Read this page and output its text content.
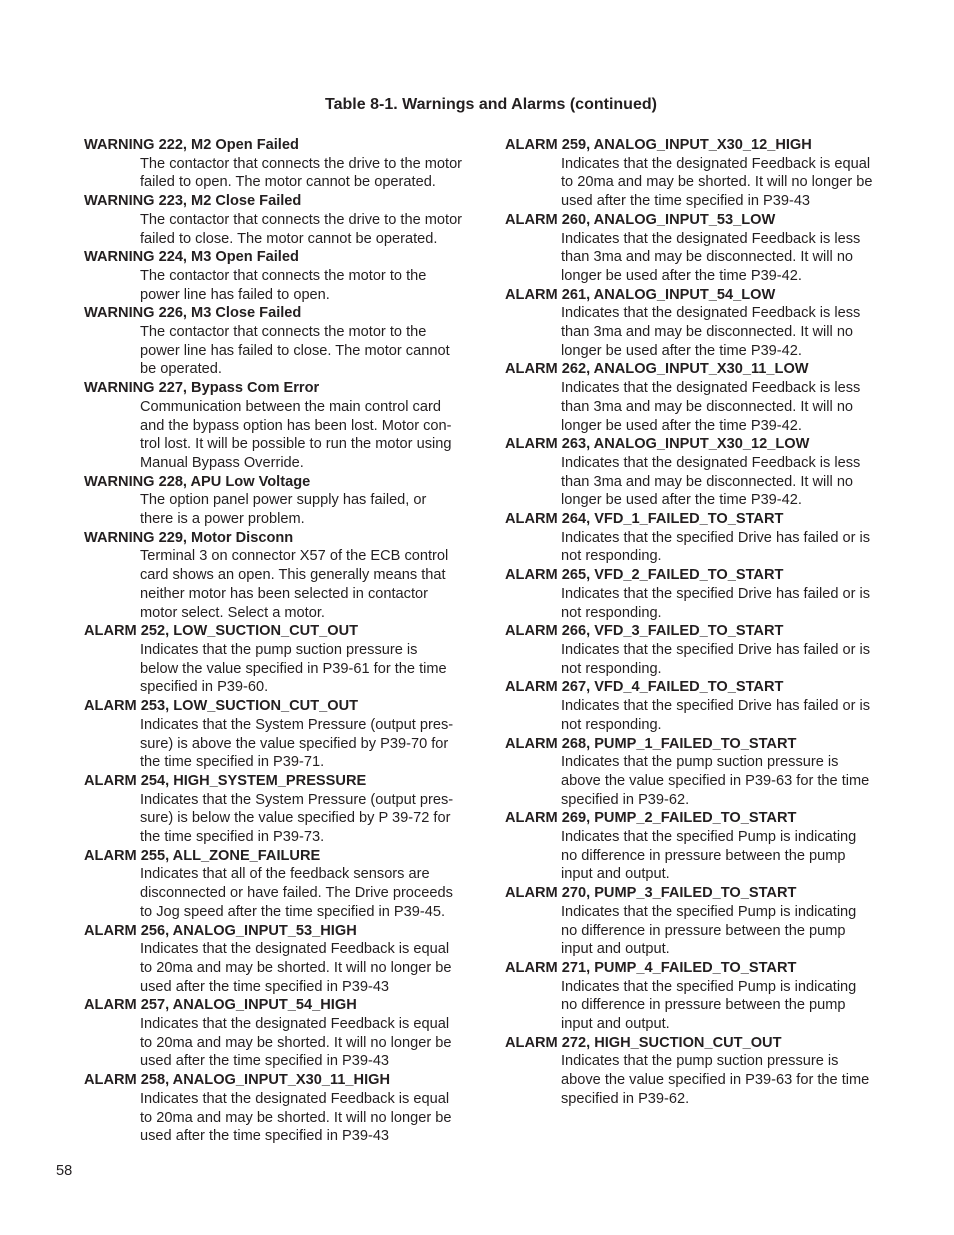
Table 8-1. Warnings and Alarms (continued)
WARNING 222, M2 Open Failed
The contactor that connects the drive to the motor
failed to open. The motor cannot be operated.
WARNING 223, M2 Close Failed
The contactor that connects the drive to the motor
failed to close. The motor cannot be operated.
WARNING 224, M3 Open Failed
The contactor that connects the motor to the
power line has failed to open.
WARNING 226, M3 Close Failed
The contactor that connects the motor to the
power line has failed to close. The motor cannot
be operated.
WARNING 227, Bypass Com Error
Communication between the main control card
and the bypass option has been lost. Motor con-
trol lost. It will be possible to run the motor using
Manual Bypass Override.
WARNING 228, APU Low Voltage
The option panel power supply has failed, or
there is a power problem.
WARNING 229, Motor Disconn
Terminal 3 on connector X57 of the ECB control
card shows an open. This generally means that
neither motor has been selected in contactor
motor select. Select a motor.
ALARM 252, LOW_SUCTION_CUT_OUT
Indicates that the pump suction pressure is
below the value specified in P39-61 for the time
specified in P39-60.
ALARM 253, LOW_SUCTION_CUT_OUT
Indicates that the System Pressure (output pres-
sure) is above the value specified by P39-70 for
the time specified in P39-71.
ALARM 254, HIGH_SYSTEM_PRESSURE
Indicates that the System Pressure (output pres-
sure) is below the value specified by P 39-72 for
the time specified in P39-73.
ALARM 255, ALL_ZONE_FAILURE
Indicates that all of the feedback sensors are
disconnected or have failed. The Drive proceeds
to Jog speed after the time specified in P39-45.
ALARM 256, ANALOG_INPUT_53_HIGH
Indicates that the designated Feedback is equal
to 20ma and may be shorted. It will no longer be
used after the time specified in P39-43
ALARM 257, ANALOG_INPUT_54_HIGH
Indicates that the designated Feedback is equal
to 20ma and may be shorted. It will no longer be
used after the time specified in P39-43
ALARM 258, ANALOG_INPUT_X30_11_HIGH
Indicates that the designated Feedback is equal
to 20ma and may be shorted. It will no longer be
used after the time specified in P39-43
ALARM 259, ANALOG_INPUT_X30_12_HIGH
Indicates that the designated Feedback is equal
to 20ma and may be shorted. It will no longer be
used after the time specified in P39-43
ALARM 260, ANALOG_INPUT_53_LOW
Indicates that the designated Feedback is less
than 3ma and may be disconnected. It will no
longer be used after the time P39-42.
ALARM 261, ANALOG_INPUT_54_LOW
Indicates that the designated Feedback is less
than 3ma and may be disconnected. It will no
longer be used after the time P39-42.
ALARM 262, ANALOG_INPUT_X30_11_LOW
Indicates that the designated Feedback is less
than 3ma and may be disconnected. It will no
longer be used after the time P39-42.
ALARM 263, ANALOG_INPUT_X30_12_LOW
Indicates that the designated Feedback is less
than 3ma and may be disconnected. It will no
longer be used after the time P39-42.
ALARM 264, VFD_1_FAILED_TO_START
Indicates that the specified Drive has failed or is
not responding.
ALARM 265, VFD_2_FAILED_TO_START
Indicates that the specified Drive has failed or is
not responding.
ALARM 266, VFD_3_FAILED_TO_START
Indicates that the specified Drive has failed or is
not responding.
ALARM 267, VFD_4_FAILED_TO_START
Indicates that the specified Drive has failed or is
not responding.
ALARM 268, PUMP_1_FAILED_TO_START
Indicates that the pump suction pressure is
above the value specified in P39-63 for the time
specified in P39-62.
ALARM 269, PUMP_2_FAILED_TO_START
Indicates that the specified Pump is indicating
no difference in pressure between the pump
input and output.
ALARM 270, PUMP_3_FAILED_TO_START
Indicates that the specified Pump is indicating
no difference in pressure between the pump
input and output.
ALARM 271, PUMP_4_FAILED_TO_START
Indicates that the specified Pump is indicating
no difference in pressure between the pump
input and output.
ALARM 272, HIGH_SUCTION_CUT_OUT
Indicates that the pump suction pressure is
above the value specified in P39-63 for the time
specified in P39-62.
58
